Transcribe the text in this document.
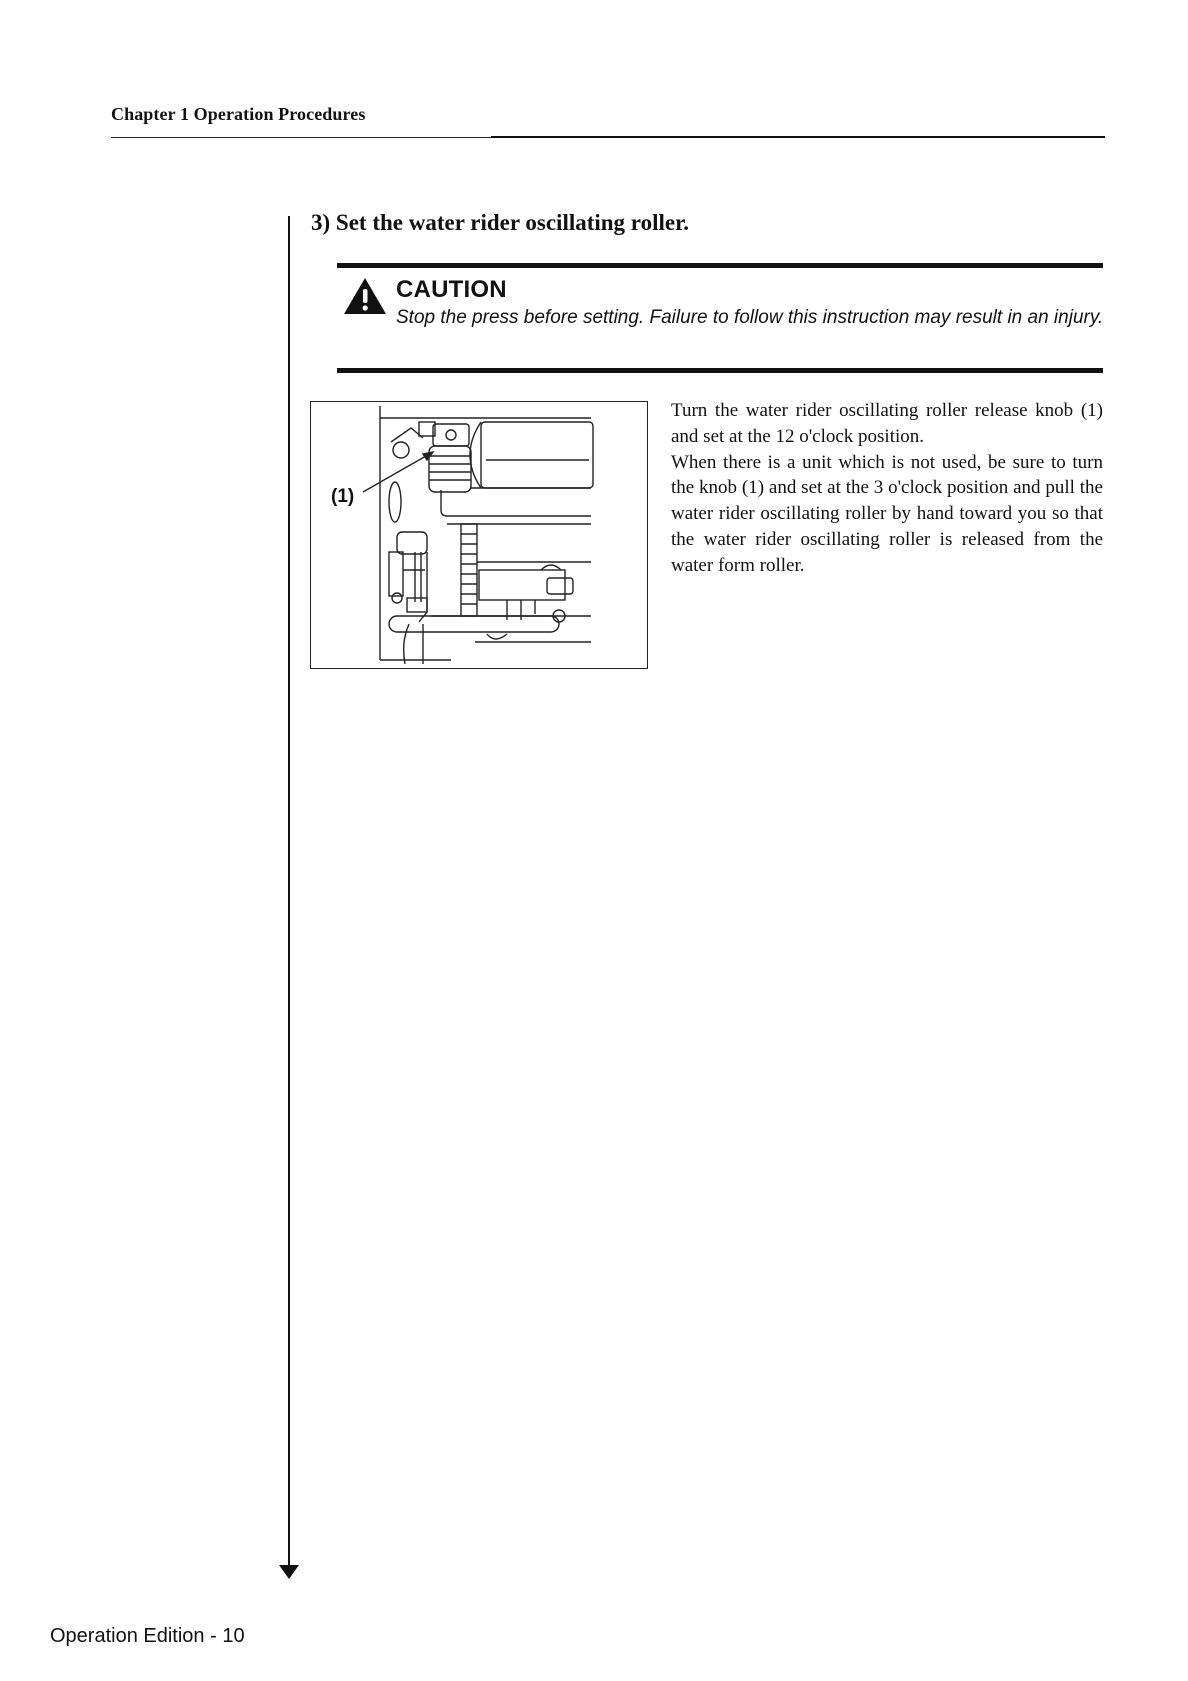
Chapter 1 Operation Procedures
3) Set the water rider oscillating roller.
CAUTION
Stop the press before setting. Failure to follow this instruction may result in an injury.
(1)

Turn the water rider oscillating roller release knob (1) and set at the 12 o'clock position.

When there is a unit which is not used, be sure to turn the knob (1) and set at the 3 o'clock position and pull the water rider oscillating roller by hand toward you so that the water rider oscillating roller is released from the water form roller.

Operation Edition - 10
